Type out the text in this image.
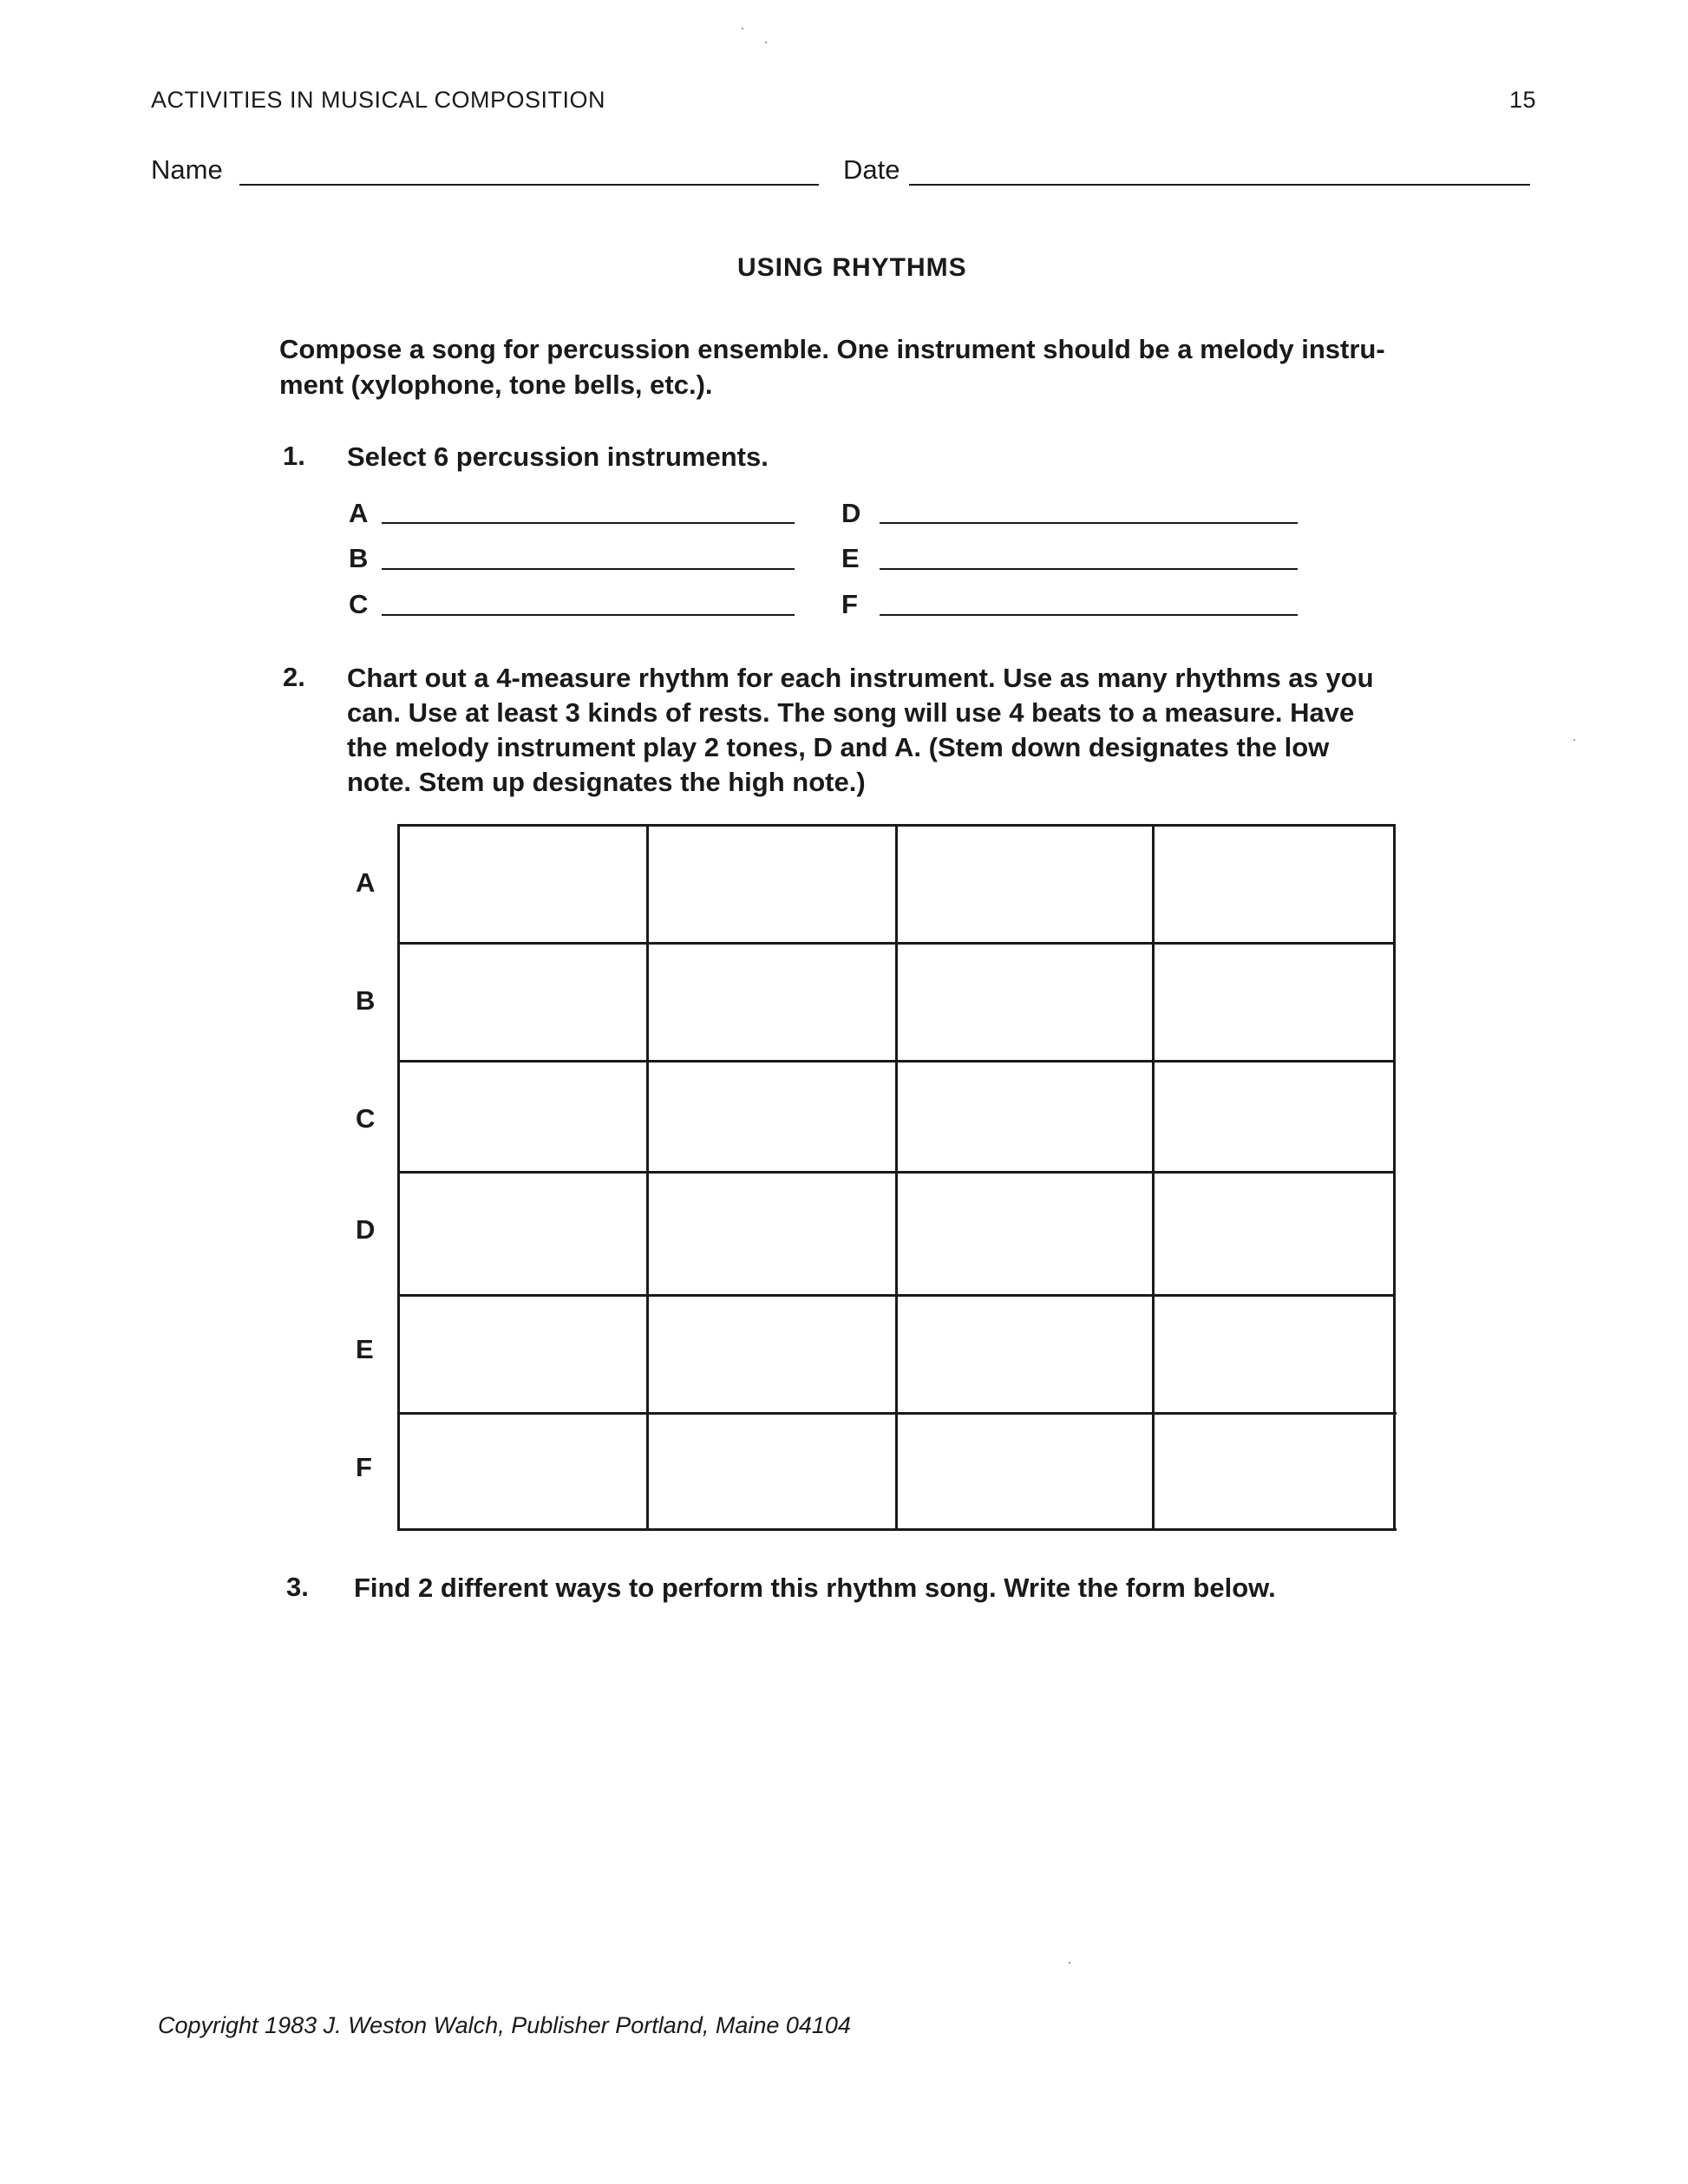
ACTIVITIES IN MUSICAL COMPOSITION	15
Name	Date
USING RHYTHMS
Compose a song for percussion ensemble. One instrument should be a melody instru-
ment (xylophone, tone bells, etc.).
1. Select 6 percussion instruments.
A
B
C
D
E
F
2. Chart out a 4-measure rhythm for each instrument. Use as many rhythms as you
can. Use at least 3 kinds of rests. The song will use 4 beats to a measure. Have
the melody instrument play 2 tones, D and A. (Stem down designates the low
note. Stem up designates the high note.)
A
B
C
D
E
F
3. Find 2 different ways to perform this rhythm song. Write the form below.
Copyright 1983 J. Weston Walch, Publisher Portland, Maine 04104
